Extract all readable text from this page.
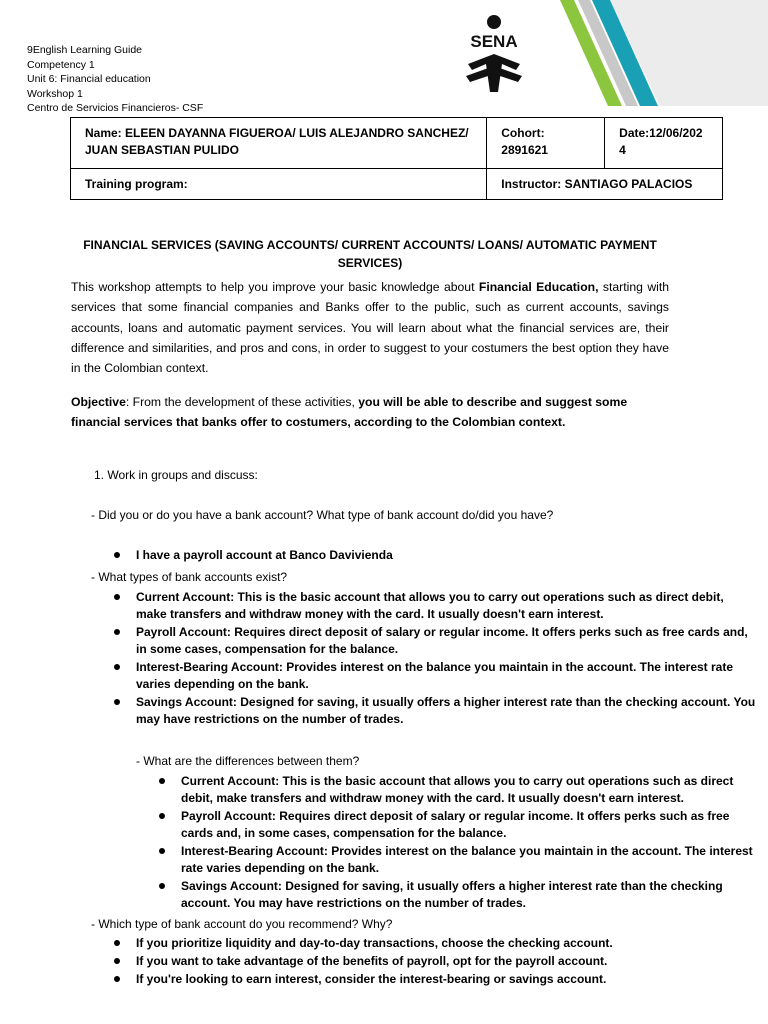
9English Learning Guide
Competency 1
Unit 6: Financial education
Workshop 1
Centro de Servicios Financieros- CSF
SENA
Name: ELEEN DAYANNA FIGUEROA/ LUIS ALEJANDRO SANCHEZ/ JUAN SEBASTIAN PULIDO	Cohort: 2891621	Date:12/06/2024
Training program:	Instructor: SANTIAGO PALACIOS	
FINANCIAL SERVICES (SAVING ACCOUNTS/ CURRENT ACCOUNTS/ LOANS/ AUTOMATIC PAYMENT SERVICES)
This workshop attempts to help you improve your basic knowledge about Financial Education, starting with services that some financial companies and Banks offer to the public, such as current accounts, savings accounts, loans and automatic payment services. You will learn about what the financial services are, their difference and similarities, and pros and cons, in order to suggest to your costumers the best option they have in the Colombian context.
Objective: From the development of these activities, you will be able to describe and suggest some financial services that banks offer to costumers, according to the Colombian context.
1. Work in groups and discuss:
- Did you or do you have a bank account? What type of bank account do/did you have?
I have a payroll account at Banco Davivienda
- What types of bank accounts exist?
Current Account: This is the basic account that allows you to carry out operations such as direct debit, make transfers and withdraw money with the card. It usually doesn't earn interest.
Payroll Account: Requires direct deposit of salary or regular income. It offers perks such as free cards and, in some cases, compensation for the balance.
Interest-Bearing Account: Provides interest on the balance you maintain in the account. The interest rate varies depending on the bank.
Savings Account: Designed for saving, it usually offers a higher interest rate than the checking account. You may have restrictions on the number of trades.
- What are the differences between them?
Current Account: This is the basic account that allows you to carry out operations such as direct debit, make transfers and withdraw money with the card. It usually doesn't earn interest.
Payroll Account: Requires direct deposit of salary or regular income. It offers perks such as free cards and, in some cases, compensation for the balance.
Interest-Bearing Account: Provides interest on the balance you maintain in the account. The interest rate varies depending on the bank.
Savings Account: Designed for saving, it usually offers a higher interest rate than the checking account. You may have restrictions on the number of trades.
- Which type of bank account do you recommend? Why?
If you prioritize liquidity and day-to-day transactions, choose the checking account.
If you want to take advantage of the benefits of payroll, opt for the payroll account.
If you're looking to earn interest, consider the interest-bearing or savings account.
